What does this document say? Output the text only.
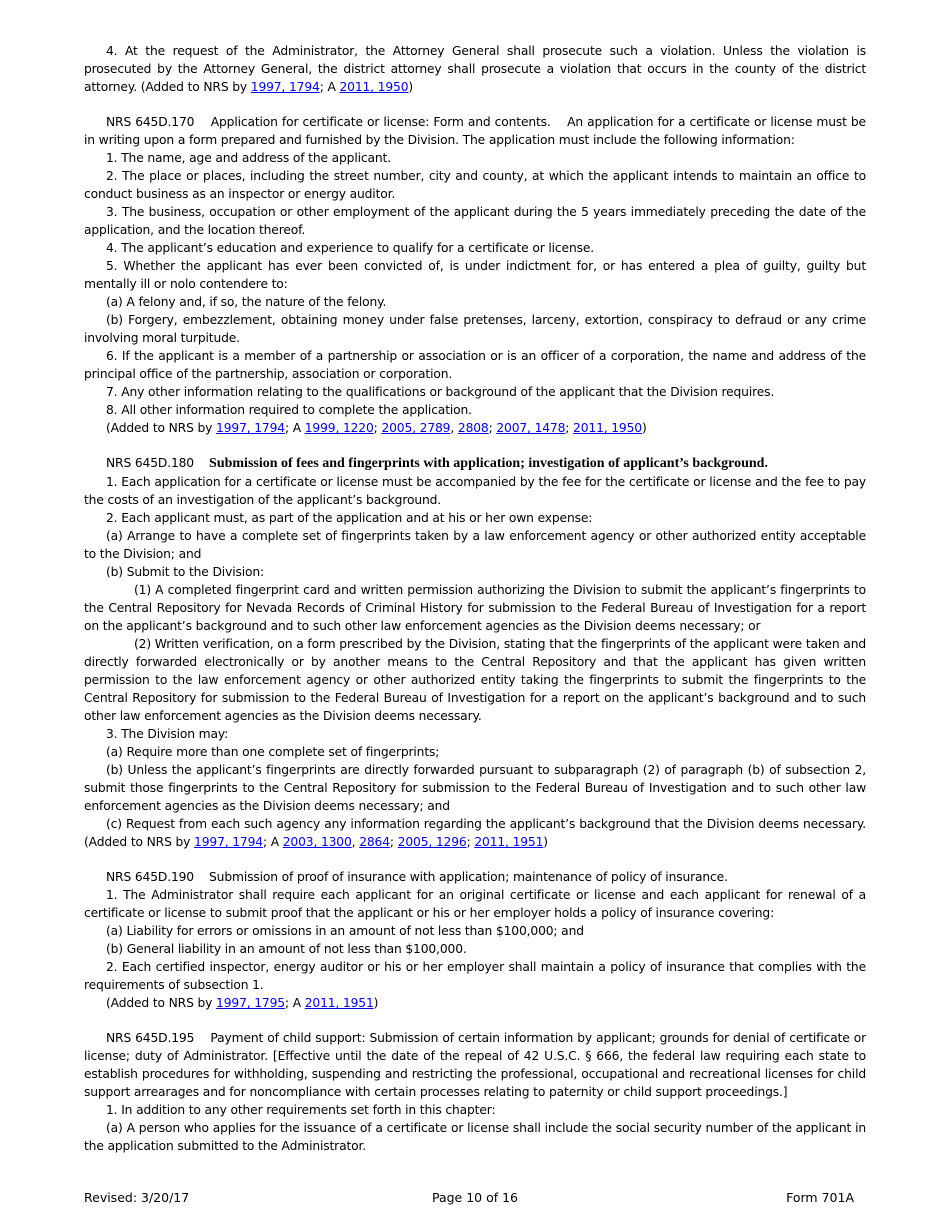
4. At the request of the Administrator, the Attorney General shall prosecute such a violation. Unless the violation is prosecuted by the Attorney General, the district attorney shall prosecute a violation that occurs in the county of the district attorney. (Added to NRS by 1997, 1794; A 2011, 1950)

NRS 645D.170 Application for certificate or license: Form and contents. An application for a certificate or license must be in writing upon a form prepared and furnished by the Division. The application must include the following information:

1. The name, age and address of the applicant.

2. The place or places, including the street number, city and county, at which the applicant intends to maintain an office to conduct business as an inspector or energy auditor.

3. The business, occupation or other employment of the applicant during the 5 years immediately preceding the date of the application, and the location thereof.

4. The applicant’s education and experience to qualify for a certificate or license.

5. Whether the applicant has ever been convicted of, is under indictment for, or has entered a plea of guilty, guilty but mentally ill or nolo contendere to:

(a) A felony and, if so, the nature of the felony.

(b) Forgery, embezzlement, obtaining money under false pretenses, larceny, extortion, conspiracy to defraud or any crime involving moral turpitude.

6. If the applicant is a member of a partnership or association or is an officer of a corporation, the name and address of the principal office of the partnership, association or corporation.

7. Any other information relating to the qualifications or background of the applicant that the Division requires.

8. All other information required to complete the application.

(Added to NRS by 1997, 1794; A 1999, 1220; 2005, 2789, 2808; 2007, 1478; 2011, 1950)

NRS 645D.180 Submission of fees and fingerprints with application; investigation of applicant’s background.

1. Each application for a certificate or license must be accompanied by the fee for the certificate or license and the fee to pay the costs of an investigation of the applicant’s background.

2. Each applicant must, as part of the application and at his or her own expense:

(a) Arrange to have a complete set of fingerprints taken by a law enforcement agency or other authorized entity acceptable to the Division; and

(b) Submit to the Division:

(1) A completed fingerprint card and written permission authorizing the Division to submit the applicant’s fingerprints to the Central Repository for Nevada Records of Criminal History for submission to the Federal Bureau of Investigation for a report on the applicant’s background and to such other law enforcement agencies as the Division deems necessary; or

(2) Written verification, on a form prescribed by the Division, stating that the fingerprints of the applicant were taken and directly forwarded electronically or by another means to the Central Repository and that the applicant has given written permission to the law enforcement agency or other authorized entity taking the fingerprints to submit the fingerprints to the Central Repository for submission to the Federal Bureau of Investigation for a report on the applicant’s background and to such other law enforcement agencies as the Division deems necessary.

3. The Division may:

(a) Require more than one complete set of fingerprints;

(b) Unless the applicant’s fingerprints are directly forwarded pursuant to subparagraph (2) of paragraph (b) of subsection 2, submit those fingerprints to the Central Repository for submission to the Federal Bureau of Investigation and to such other law enforcement agencies as the Division deems necessary; and

(c) Request from each such agency any information regarding the applicant’s background that the Division deems necessary. (Added to NRS by 1997, 1794; A 2003, 1300, 2864; 2005, 1296; 2011, 1951)

NRS 645D.190 Submission of proof of insurance with application; maintenance of policy of insurance.

1. The Administrator shall require each applicant for an original certificate or license and each applicant for renewal of a certificate or license to submit proof that the applicant or his or her employer holds a policy of insurance covering:

(a) Liability for errors or omissions in an amount of not less than $100,000; and

(b) General liability in an amount of not less than $100,000.

2. Each certified inspector, energy auditor or his or her employer shall maintain a policy of insurance that complies with the requirements of subsection 1.

(Added to NRS by 1997, 1795; A 2011, 1951)

NRS 645D.195 Payment of child support: Submission of certain information by applicant; grounds for denial of certificate or license; duty of Administrator. [Effective until the date of the repeal of 42 U.S.C. § 666, the federal law requiring each state to establish procedures for withholding, suspending and restricting the professional, occupational and recreational licenses for child support arrearages and for noncompliance with certain processes relating to paternity or child support proceedings.]

1. In addition to any other requirements set forth in this chapter:

(a) A person who applies for the issuance of a certificate or license shall include the social security number of the applicant in the application submitted to the Administrator.

Revised: 3/20/17	Page 10 of 16	Form 701A
